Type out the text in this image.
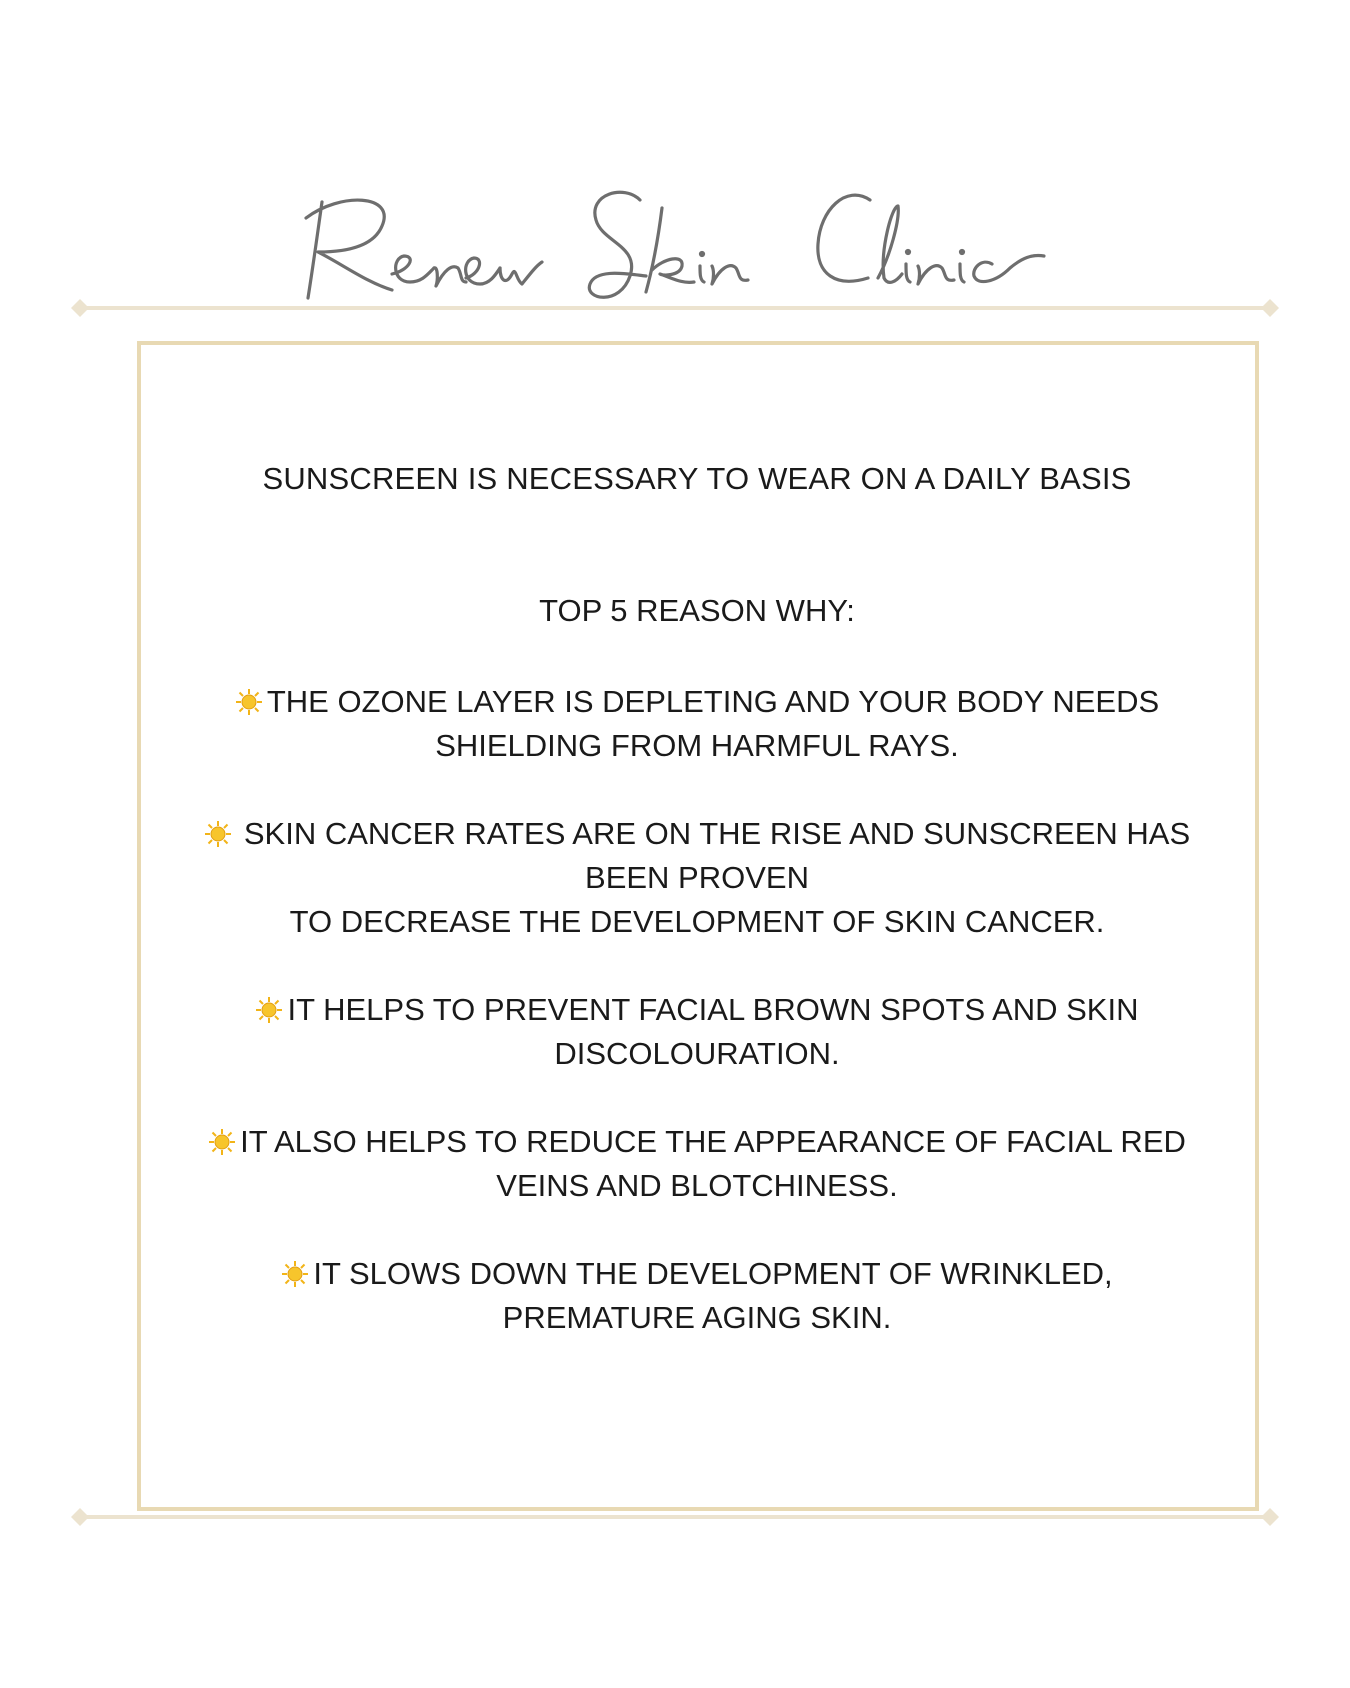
SUNSCREEN IS NECESSARY TO WEAR ON A DAILY BASIS
TOP 5 REASON WHY:
THE OZONE LAYER IS DEPLETING AND YOUR BODY NEEDS
SHIELDING FROM HARMFUL RAYS.
SKIN CANCER RATES ARE ON THE RISE AND SUNSCREEN HAS
BEEN PROVEN
TO DECREASE THE DEVELOPMENT OF SKIN CANCER.
IT HELPS TO PREVENT FACIAL BROWN SPOTS AND SKIN
DISCOLOURATION.
IT ALSO HELPS TO REDUCE THE APPEARANCE OF FACIAL RED
VEINS AND BLOTCHINESS.
IT SLOWS DOWN THE DEVELOPMENT OF WRINKLED,
PREMATURE AGING SKIN.
